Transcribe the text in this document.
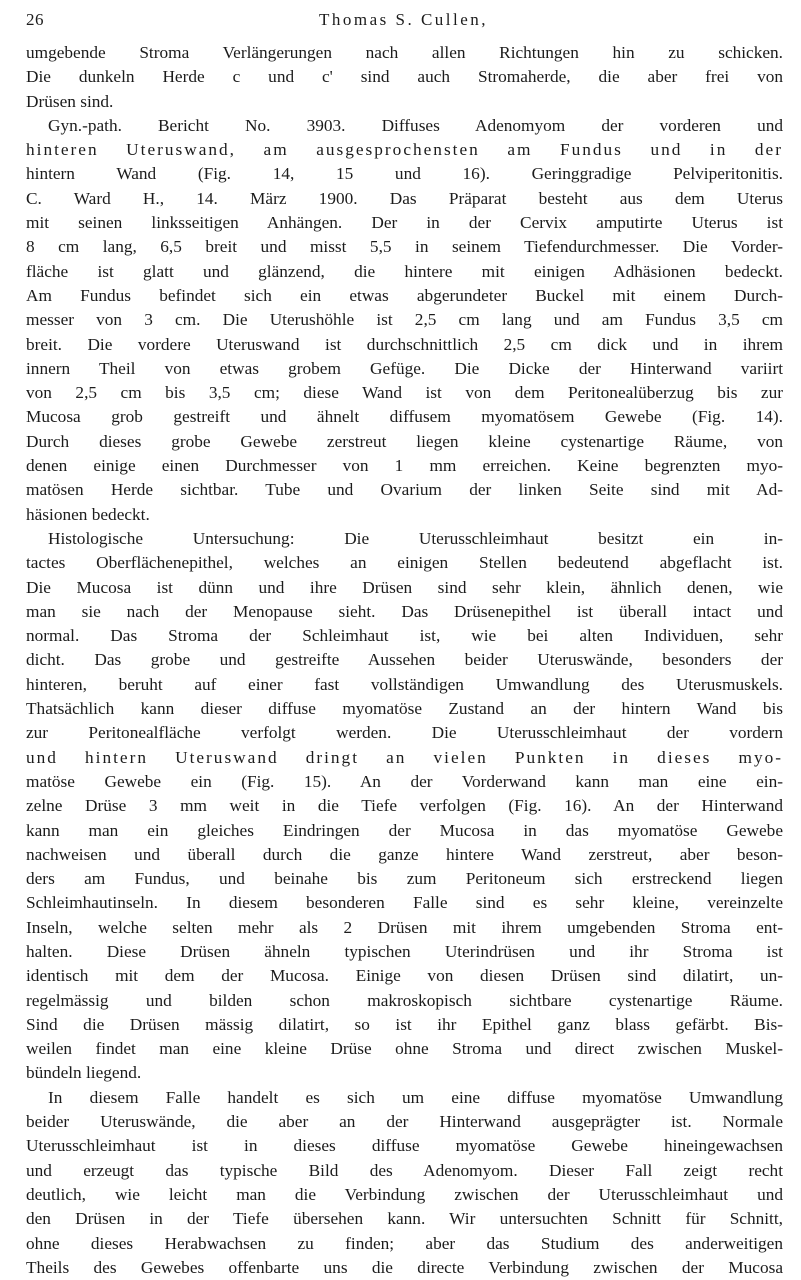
26	Thomas S. Cullen,
umgebende Stroma Verlängerungen nach allen Richtungen hin zu schicken.
Die dunkeln Herde c und c' sind auch Stromaherde, die aber frei von
Drüsen sind.
Gyn.-path. Bericht No. 3903. Diffuses Adenomyom der vorderen und
hinteren Uteruswand, am ausgesprochensten am Fundus und in der
hintern Wand (Fig. 14, 15 und 16). Geringgradige Pelviperitonitis.
C. Ward H., 14. März 1900. Das Präparat besteht aus dem Uterus
mit seinen linksseitigen Anhängen. Der in der Cervix amputirte Uterus ist
8 cm lang, 6,5 breit und misst 5,5 in seinem Tiefendurchmesser. Die Vorder-
fläche ist glatt und glänzend, die hintere mit einigen Adhäsionen bedeckt.
Am Fundus befindet sich ein etwas abgerundeter Buckel mit einem Durch-
messer von 3 cm. Die Uterushöhle ist 2,5 cm lang und am Fundus 3,5 cm
breit. Die vordere Uteruswand ist durchschnittlich 2,5 cm dick und in ihrem
innern Theil von etwas grobem Gefüge. Die Dicke der Hinterwand variirt
von 2,5 cm bis 3,5 cm; diese Wand ist von dem Peritonealüberzug bis zur
Mucosa grob gestreift und ähnelt diffusem myomatösem Gewebe (Fig. 14).
Durch dieses grobe Gewebe zerstreut liegen kleine cystenartige Räume, von
denen einige einen Durchmesser von 1 mm erreichen. Keine begrenzten myo-
matösen Herde sichtbar. Tube und Ovarium der linken Seite sind mit Ad-
häsionen bedeckt.
Histologische Untersuchung: Die Uterusschleimhaut besitzt ein in-
tactes Oberflächenepithel, welches an einigen Stellen bedeutend abgeflacht ist.
Die Mucosa ist dünn und ihre Drüsen sind sehr klein, ähnlich denen, wie
man sie nach der Menopause sieht. Das Drüsenepithel ist überall intact und
normal. Das Stroma der Schleimhaut ist, wie bei alten Individuen, sehr
dicht. Das grobe und gestreifte Aussehen beider Uteruswände, besonders der
hinteren, beruht auf einer fast vollständigen Umwandlung des Uterusmuskels.
Thatsächlich kann dieser diffuse myomatöse Zustand an der hintern Wand bis
zur Peritonealfläche verfolgt werden. Die Uterusschleimhaut der vordern
und hintern Uteruswand dringt an vielen Punkten in dieses myo-
matöse Gewebe ein (Fig. 15). An der Vorderwand kann man eine ein-
zelne Drüse 3 mm weit in die Tiefe verfolgen (Fig. 16). An der Hinterwand
kann man ein gleiches Eindringen der Mucosa in das myomatöse Gewebe
nachweisen und überall durch die ganze hintere Wand zerstreut, aber beson-
ders am Fundus, und beinahe bis zum Peritoneum sich erstreckend liegen
Schleimhautinseln. In diesem besonderen Falle sind es sehr kleine, vereinzelte
Inseln, welche selten mehr als 2 Drüsen mit ihrem umgebenden Stroma ent-
halten. Diese Drüsen ähneln typischen Uterindrüsen und ihr Stroma ist
identisch mit dem der Mucosa. Einige von diesen Drüsen sind dilatirt, un-
regelmässig und bilden schon makroskopisch sichtbare cystenartige Räume.
Sind die Drüsen mässig dilatirt, so ist ihr Epithel ganz blass gefärbt. Bis-
weilen findet man eine kleine Drüse ohne Stroma und direct zwischen Muskel-
bündeln liegend.
In diesem Falle handelt es sich um eine diffuse myomatöse Umwandlung
beider Uteruswände, die aber an der Hinterwand ausgeprägter ist. Normale
Uterusschleimhaut ist in dieses diffuse myomatöse Gewebe hineingewachsen
und erzeugt das typische Bild des Adenomyom. Dieser Fall zeigt recht
deutlich, wie leicht man die Verbindung zwischen der Uterusschleimhaut und
den Drüsen in der Tiefe übersehen kann. Wir untersuchten Schnitt für Schnitt,
ohne dieses Herabwachsen zu finden; aber das Studium des anderweitigen
Theils des Gewebes offenbarte uns die directe Verbindung zwischen der Mucosa
